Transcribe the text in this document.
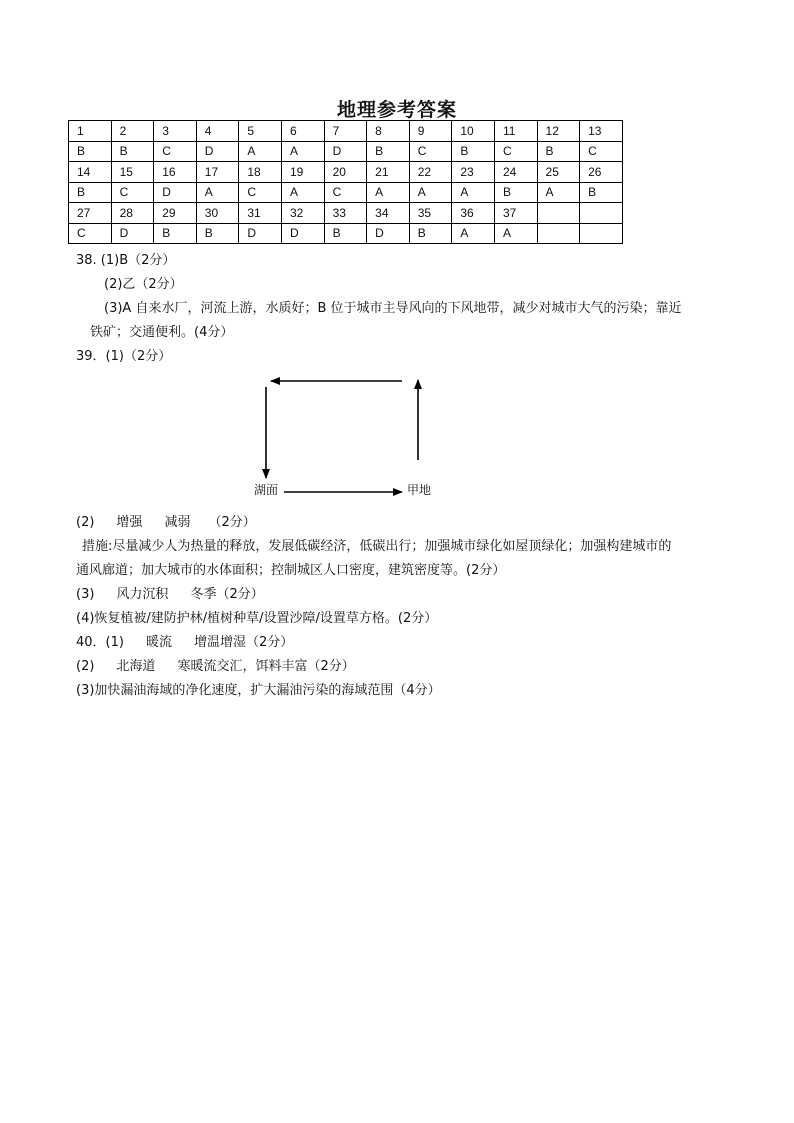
地理参考答案
1	2	3	4	5	6	7	8	9	10	11	12	13
B	B	C	D	A	A	D	B	C	B	C	B	C
14	15	16	17	18	19	20	21	22	23	24	25	26
B	C	D	A	C	A	C	A	A	A	B	A	B
27	28	29	30	31	32	33	34	35	36	37		
C	D	B	B	D	D	B	D	B	A	A		
38. (1)B（2分）
(2)乙（2分）
(3)A 自来水厂，河流上游，水质好；B 位于城市主导风向的下风地带，减少对城市大气的污染；靠近
铁矿；交通便利。(4分）
39．(1)（2分）
湖面	甲地
(2) 增强 减弱 （2分）
措施:尽量减少人为热量的释放，发展低碳经济，低碳出行；加强城市绿化如屋顶绿化；加强构建城市的
通风廊道；加大城市的水体面积；控制城区人口密度，建筑密度等。(2分）
(3) 风力沉积 冬季（2分）
(4)恢复植被/建防护林/植树种草/设置沙障/设置草方格。(2分）
40．(1) 暖流 增温增湿（2分）
(2) 北海道 寒暖流交汇，饵料丰富（2分）
(3)加快漏油海域的净化速度，扩大漏油污染的海域范围（4分）
